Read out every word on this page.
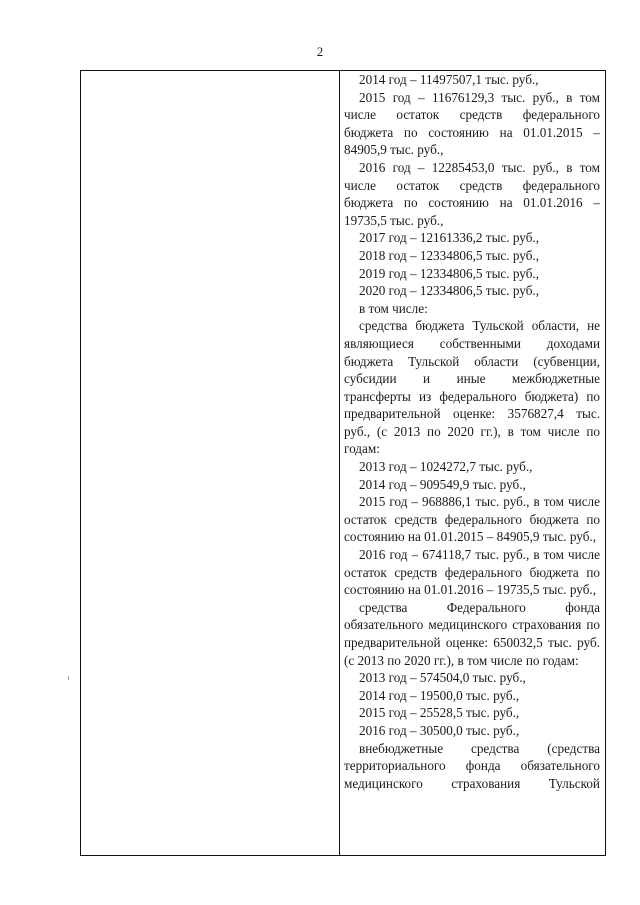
2

2014 год – 11497507,1 тыс. руб.,

2015 год – 11676129,3 тыс. руб., в том числе остаток средств федерального бюджета по состоянию на 01.01.2015 – 84905,9 тыс. руб.,

2016 год – 12285453,0 тыс. руб., в том числе остаток средств федерального бюджета по состоянию на 01.01.2016 – 19735,5 тыс. руб.,

2017 год – 12161336,2 тыс. руб.,

2018 год – 12334806,5 тыс. руб.,

2019 год – 12334806,5 тыс. руб.,

2020 год – 12334806,5 тыс. руб.,

в том числе:

средства бюджета Тульской области, не являющиеся собственными доходами бюджета Тульской области (субвенции, субсидии и иные межбюджетные трансферты из федерального бюджета) по предварительной оценке: 3576827,4 тыс. руб., (с 2013 по 2020 гг.), в том числе по годам:

2013 год – 1024272,7 тыс. руб.,

2014 год – 909549,9 тыс. руб.,

2015 год – 968886,1 тыс. руб., в том числе остаток средств федерального бюджета по состоянию на 01.01.2015 – 84905,9 тыс. руб.,

2016 год – 674118,7 тыс. руб., в том числе остаток средств федерального бюджета по состоянию на 01.01.2016 – 19735,5 тыс. руб.,

средства Федерального фонда обязательного медицинского страхования по предварительной оценке: 650032,5 тыс. руб. (с 2013 по 2020 гг.), в том числе по годам:

2013 год – 574504,0 тыс. руб.,

2014 год – 19500,0 тыс. руб.,

2015 год – 25528,5 тыс. руб.,

2016 год – 30500,0 тыс. руб.,

внебюджетные средства (средства территориального фонда обязательного медицинского страхования Тульской
